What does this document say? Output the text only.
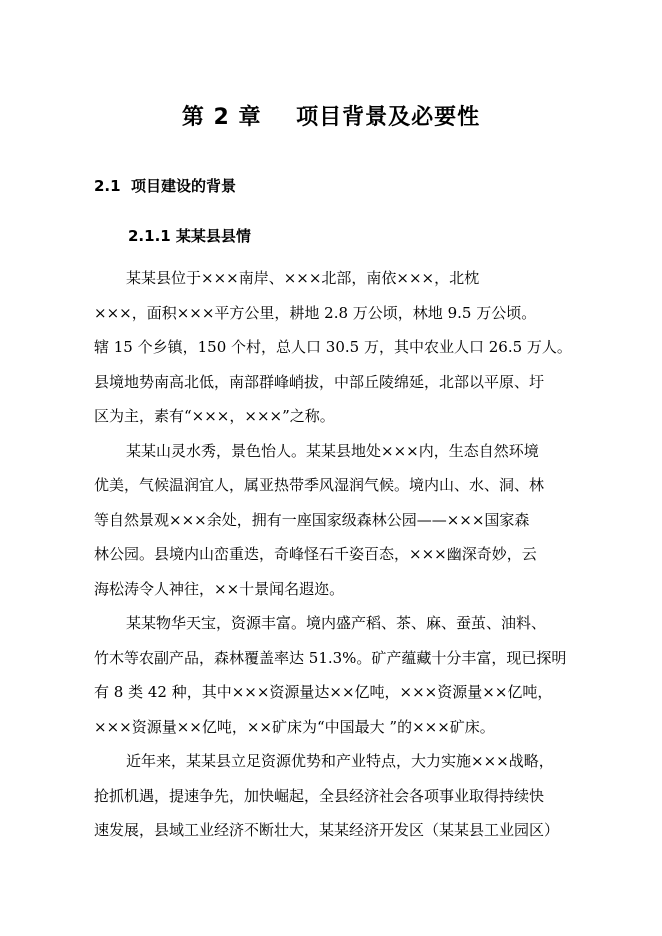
第 2 章    项目背景及必要性
2.1  项目建设的背景
2.1.1 某某县县情
某某县位于×××南岸、×××北部，南依×××，北枕
×××，面积×××平方公里，耕地 2.8 万公顷，林地 9.5 万公顷。
辖 15 个乡镇，150 个村，总人口 30.5 万，其中农业人口 26.5 万人。
县境地势南高北低，南部群峰峭拔，中部丘陵绵延，北部以平原、圩
区为主，素有“×××，×××”之称。
某某山灵水秀，景色怡人。某某县地处×××内，生态自然环境
优美，气候温润宜人，属亚热带季风湿润气候。境内山、水、洞、林
等自然景观×××余处，拥有一座国家级森林公园——×××国家森
林公园。县境内山峦重迭，奇峰怪石千姿百态，×××幽深奇妙，云
海松涛令人神往，××十景闻名遐迩。
某某物华天宝，资源丰富。境内盛产稻、茶、麻、蚕茧、油料、
竹木等农副产品，森林覆盖率达 51.3%。矿产蕴藏十分丰富，现已探明
有 8 类 42 种，其中×××资源量达××亿吨，×××资源量××亿吨，
×××资源量××亿吨，××矿床为“中国最大 ”的×××矿床。
近年来，某某县立足资源优势和产业特点，大力实施×××战略，
抢抓机遇，提速争先，加快崛起，全县经济社会各项事业取得持续快
速发展，县域工业经济不断壮大，某某经济开发区（某某县工业园区）
